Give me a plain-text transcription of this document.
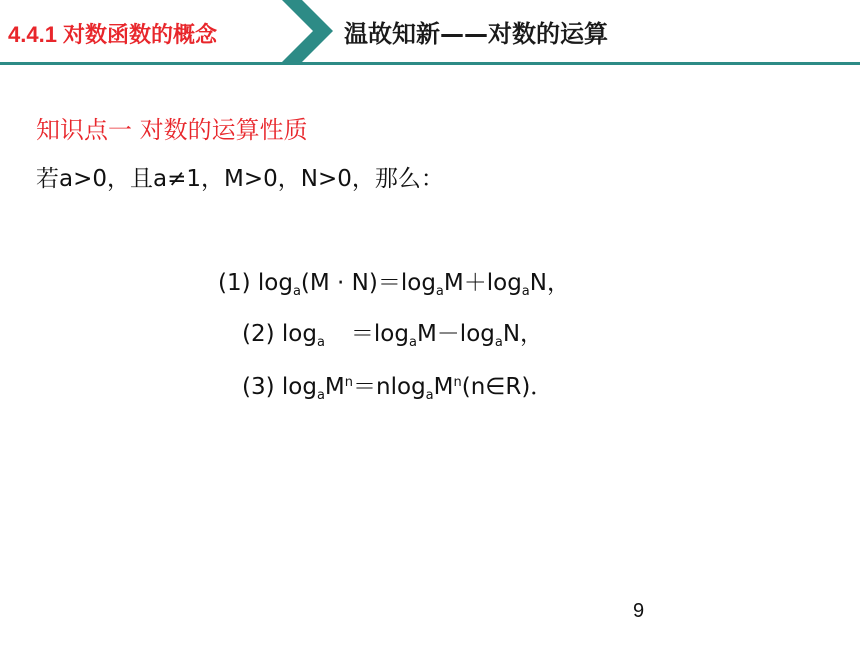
4.4.1 对数函数的概念	温故知新——对数的运算
知识点一 对数的运算性质
若a>0，且a≠1，M>0，N>0，那么：
(1) $\log_a(M \cdot N)=\log_aM+\log_aN$，
(2) $\log_a =\log_aM-\log_aN$，
(3) $\log_aM^n=nlog_aM^n(n\in R)$．
9
